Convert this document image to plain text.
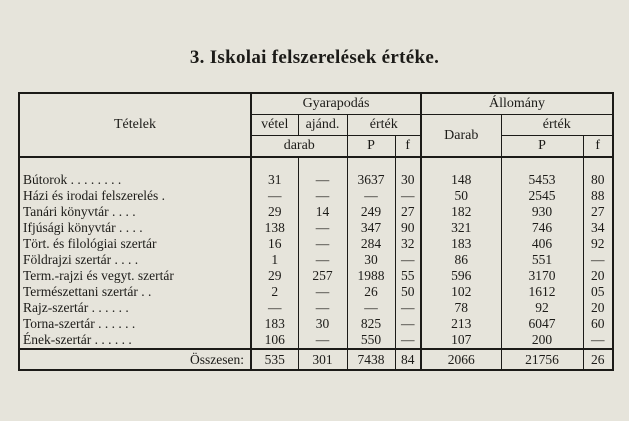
3. Iskolai felszerelések értéke.
Tételek	Gyarapodás				Állomány		
	vétel	ajánd.	érték		Darab	érték	
	darab		P	f		P	f

Bútorok . . . . . . . .	31	—	3637	30	148	5453	80
Házi és irodai felszerelés .	—	—	—	—	50	2545	88
Tanári könyvtár . . . .	29	14	249	27	182	930	27
Ifjúsági könyvtár . . . .	138	—	347	90	321	746	34
Tört. és filológiai szertár	16	—	284	32	183	406	92
Földrajzi szertár . . . .	1	—	30	—	86	551	—
Term.-rajzi és vegyt. szertár	29	257	1988	55	596	3170	20
Természettani szertár . .	2	—	26	50	102	1612	05
Rajz-szertár . . . . . .	—	—	—	—	78	92	20
Torna-szertár . . . . . .	183	30	825	—	213	6047	60
Ének-szertár . . . . . .	106	—	550	—	107	200	—
Összesen:	535	301	7438	84	2066	21756	26
